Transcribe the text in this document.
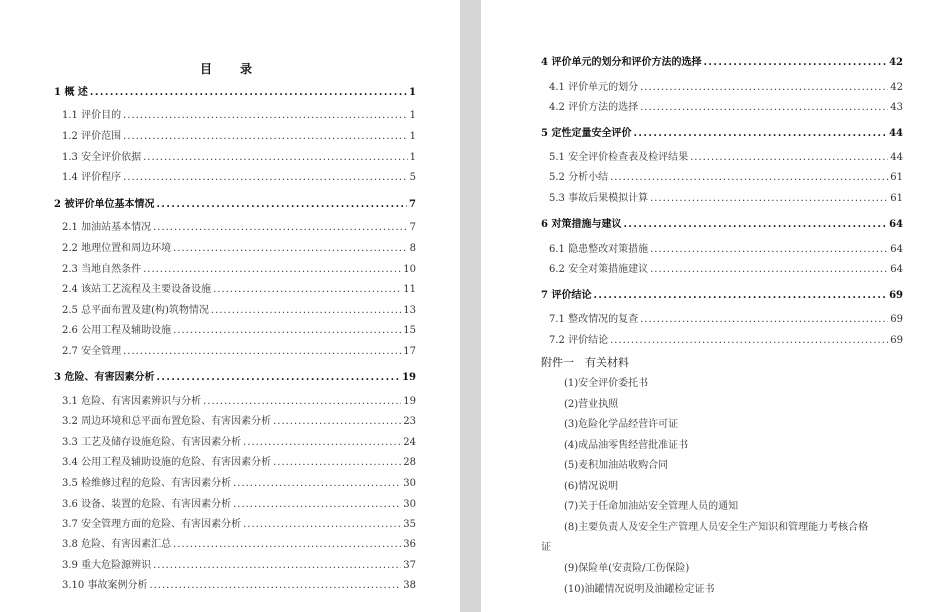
目　录
1 概 述 .....	1
1.1 评价目的 .....	1
1.2 评价范围 .....	1
1.3 安全评价依据 .....	1
1.4 评价程序 .....	5
2 被评价单位基本情况 .....	7
2.1 加油站基本情况 .....	7
2.2 地理位置和周边环境 .....	8
2.3 当地自然条件 .....	10
2.4 该站工艺流程及主要设备设施 .....	11
2.5 总平面布置及建(构)筑物情况 .....	13
2.6 公用工程及辅助设施 .....	15
2.7 安全管理 .....	17
3 危险、有害因素分析 .....	19
3.1 危险、有害因素辨识与分析 .....	19
3.2 周边环境和总平面布置危险、有害因素分析 .....	23
3.3 工艺及储存设施危险、有害因素分析 .....	24
3.4 公用工程及辅助设施的危险、有害因素分析 .....	28
3.5 检维修过程的危险、有害因素分析 .....	30
3.6 设备、装置的危险、有害因素分析 .....	30
3.7 安全管理方面的危险、有害因素分析 .....	35
3.8 危险、有害因素汇总 .....	36
3.9 重大危险源辨识 .....	37
3.10 事故案例分析 .....	38
4 评价单元的划分和评价方法的选择 .....	42
4.1 评价单元的划分 .....	42
4.2 评价方法的选择 .....	43
5 定性定量安全评价 .....	44
5.1 安全评价检查表及检评结果 .....	44
5.2 分析小结 .....	61
5.3 事故后果模拟计算 .....	61
6 对策措施与建议 .....	64
6.1 隐患整改对策措施 .....	64
6.2 安全对策措施建议 .....	64
7 评价结论 .....	69
7.1 整改情况的复查 .....	69
7.2 评价结论 .....	69
附件一　有关材料
(1)安全评价委托书
(2)营业执照
(3)危险化学品经营许可证
(4)成品油零售经营批准证书
(5)麦积加油站收购合同
(6)情况说明
(7)关于任命加油站安全管理人员的通知
(8)主要负责人及安全生产管理人员安全生产知识和管理能力考核合格
证
(9)保险单(安责险/工伤保险)
(10)油罐情况说明及油罐检定证书
